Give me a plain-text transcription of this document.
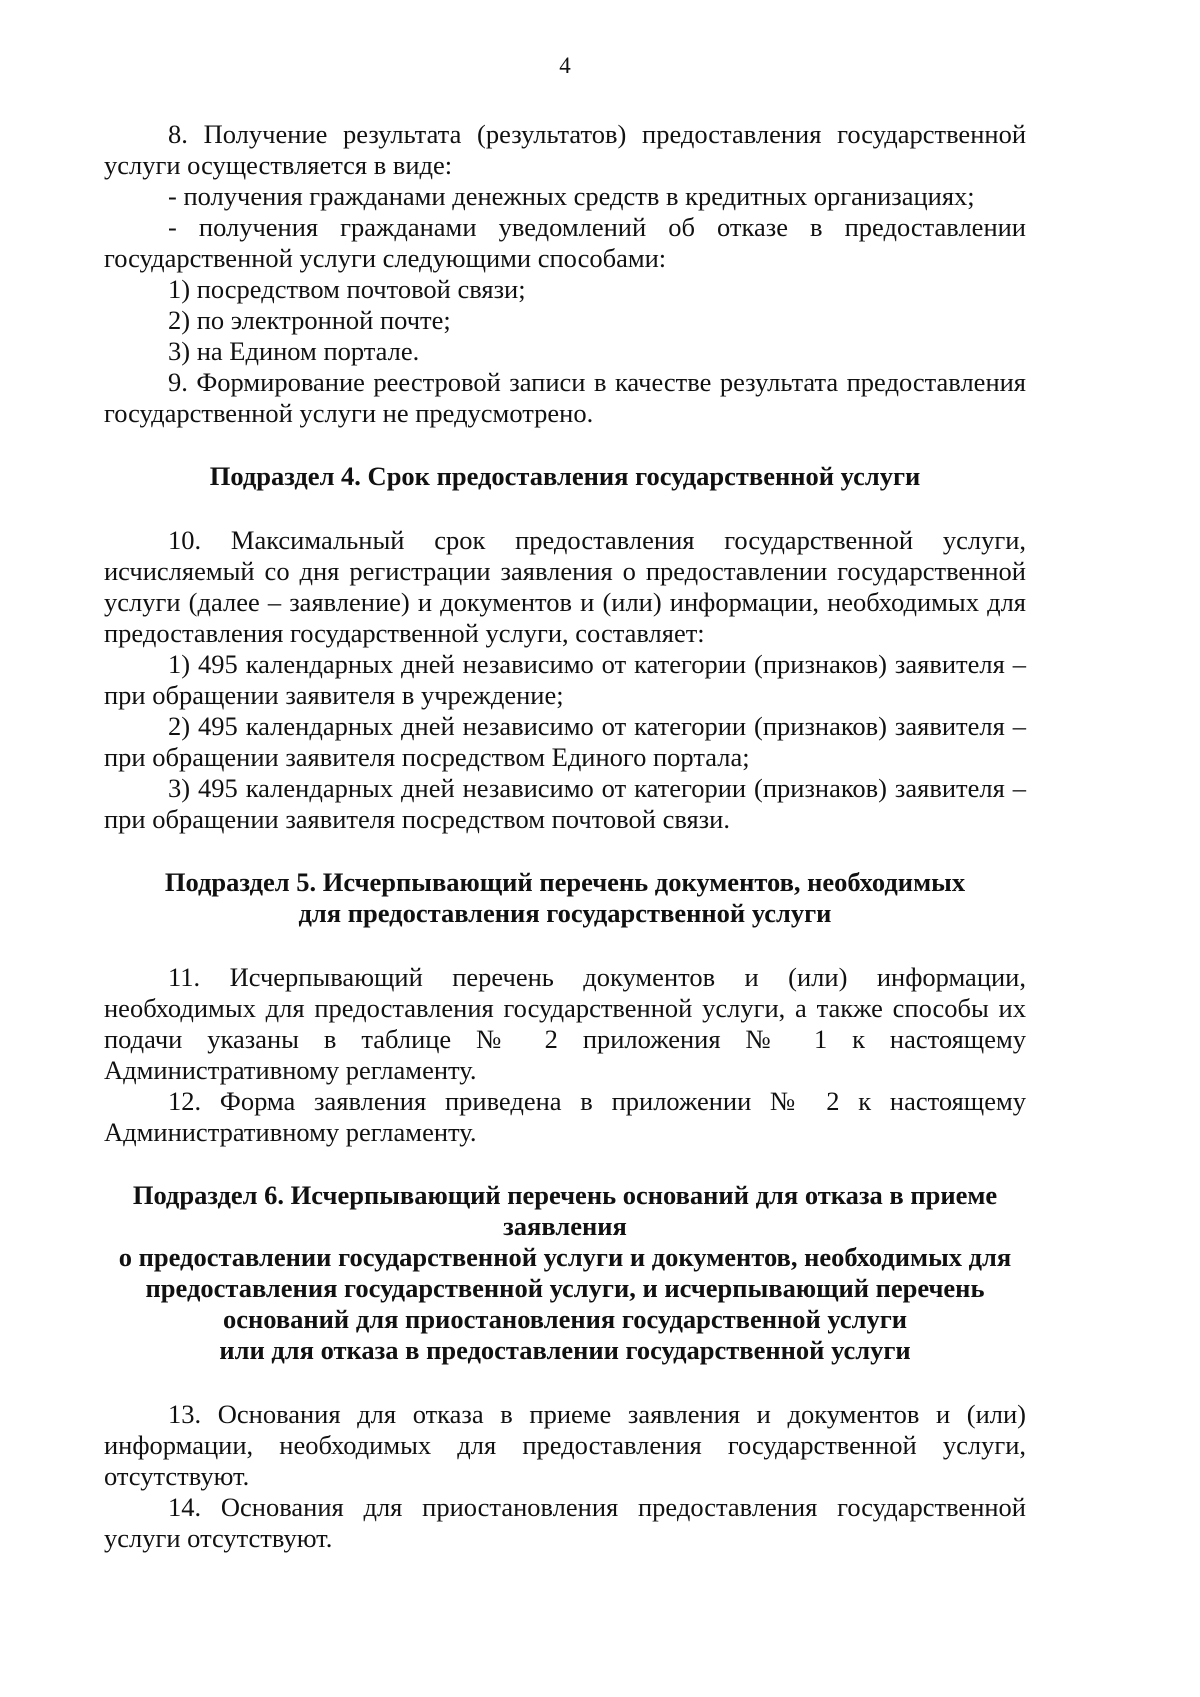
4

8. Получение результата (результатов) предоставления государственной услуги осуществляется в виде:

- получения гражданами денежных средств в кредитных организациях;

- получения гражданами уведомлений об отказе в предоставлении государственной услуги следующими способами:

1) посредством почтовой связи;

2) по электронной почте;

3) на Едином портале.

9. Формирование реестровой записи в качестве результата предоставления государственной услуги не предусмотрено.

Подраздел 4. Срок предоставления государственной услуги

10. Максимальный срок предоставления государственной услуги, исчисляемый со дня регистрации заявления о предоставлении государственной услуги (далее – заявление) и документов и (или) информации, необходимых для предоставления государственной услуги, составляет:

1) 495 календарных дней независимо от категории (признаков) заявителя – при обращении заявителя в учреждение;

2) 495 календарных дней независимо от категории (признаков) заявителя – при обращении заявителя посредством Единого портала;

3) 495 календарных дней независимо от категории (признаков) заявителя – при обращении заявителя посредством почтовой связи.

Подраздел 5. Исчерпывающий перечень документов, необходимых
для предоставления государственной услуги

11. Исчерпывающий перечень документов и (или) информации, необходимых для предоставления государственной услуги, а также способы их подачи указаны в таблице № 2 приложения № 1 к настоящему Административному регламенту.

12. Форма заявления приведена в приложении № 2 к настоящему Административному регламенту.

Подраздел 6. Исчерпывающий перечень оснований для отказа в приеме заявления
о предоставлении государственной услуги и документов, необходимых для
предоставления государственной услуги, и исчерпывающий перечень
оснований для приостановления государственной услуги
или для отказа в предоставлении государственной услуги

13. Основания для отказа в приеме заявления и документов и (или) информации, необходимых для предоставления государственной услуги, отсутствуют.

14. Основания для приостановления предоставления государственной услуги отсутствуют.
